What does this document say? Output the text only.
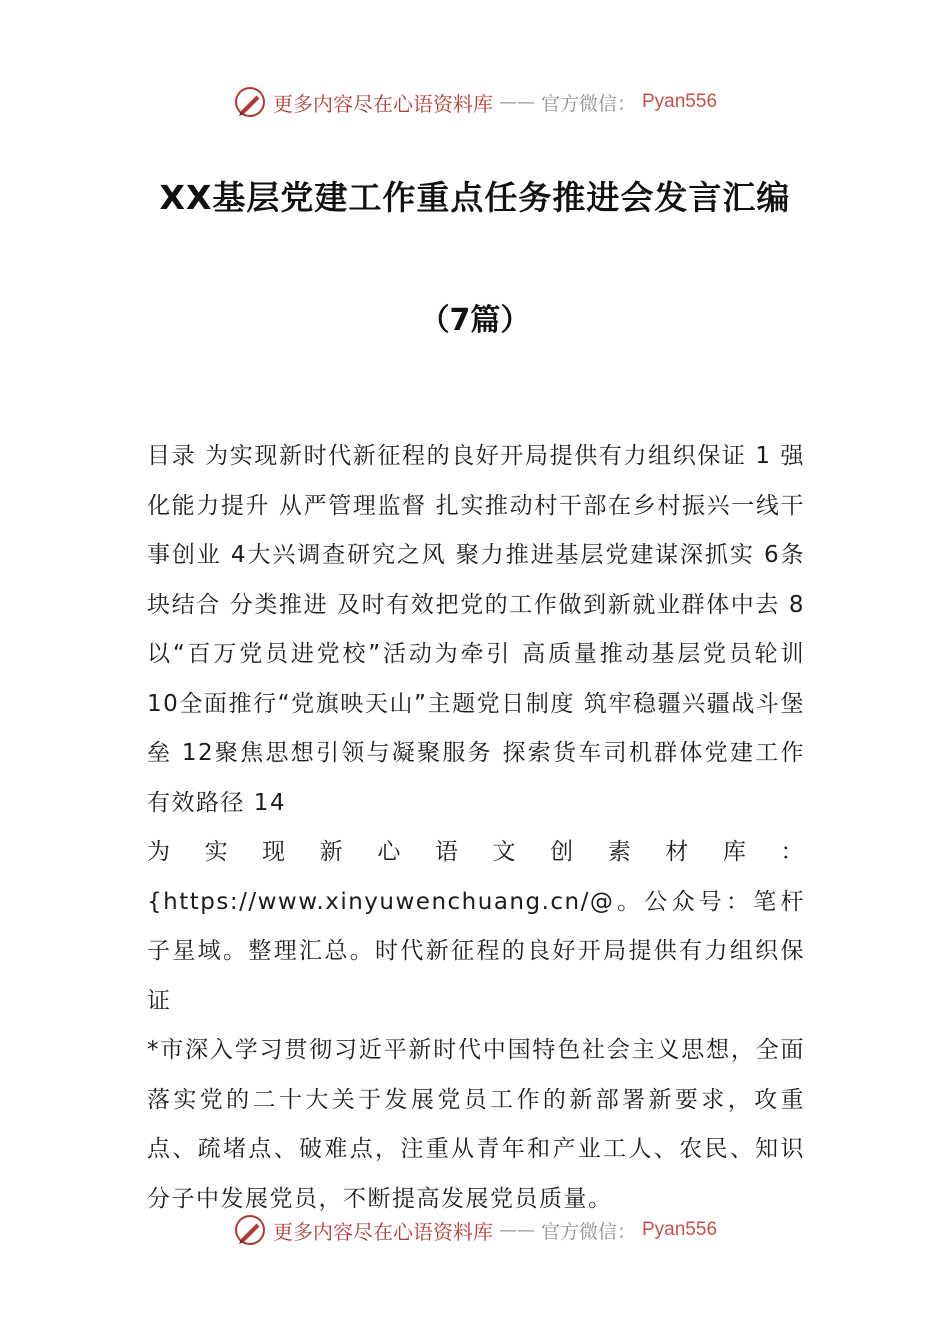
更多内容尽在心语资料库 —— 官方微信： Pyan556
XX基层党建工作重点任务推进会发言汇编
（7篇）

目录 为实现新时代新征程的良好开局提供有力组织保证 1 强化能力提升 从严管理监督 扎实推动村干部在乡村振兴一线干事创业 4大兴调查研究之风 聚力推进基层党建谋深抓实 6条块结合 分类推进 及时有效把党的工作做到新就业群体中去 8以“百万党员进党校”活动为牵引 高质量推动基层党员轮训 10全面推行“党旗映天山”主题党日制度 筑牢稳疆兴疆战斗堡垒 12聚焦思想引领与凝聚服务 探索货车司机群体党建工作有效路径 14

为实现新心语文创素材库：{https://www.xinyuwenchuang.cn/@。公众号：笔杆子星域。整理汇总。时代新征程的良好开局提供有力组织保证

*市深入学习贯彻习近平新时代中国特色社会主义思想，全面落实党的二十大关于发展党员工作的新部署新要求，攻重点、疏堵点、破难点，注重从青年和产业工人、农民、知识分子中发展党员，不断提高发展党员质量。

更多内容尽在心语资料库 —— 官方微信： Pyan556
